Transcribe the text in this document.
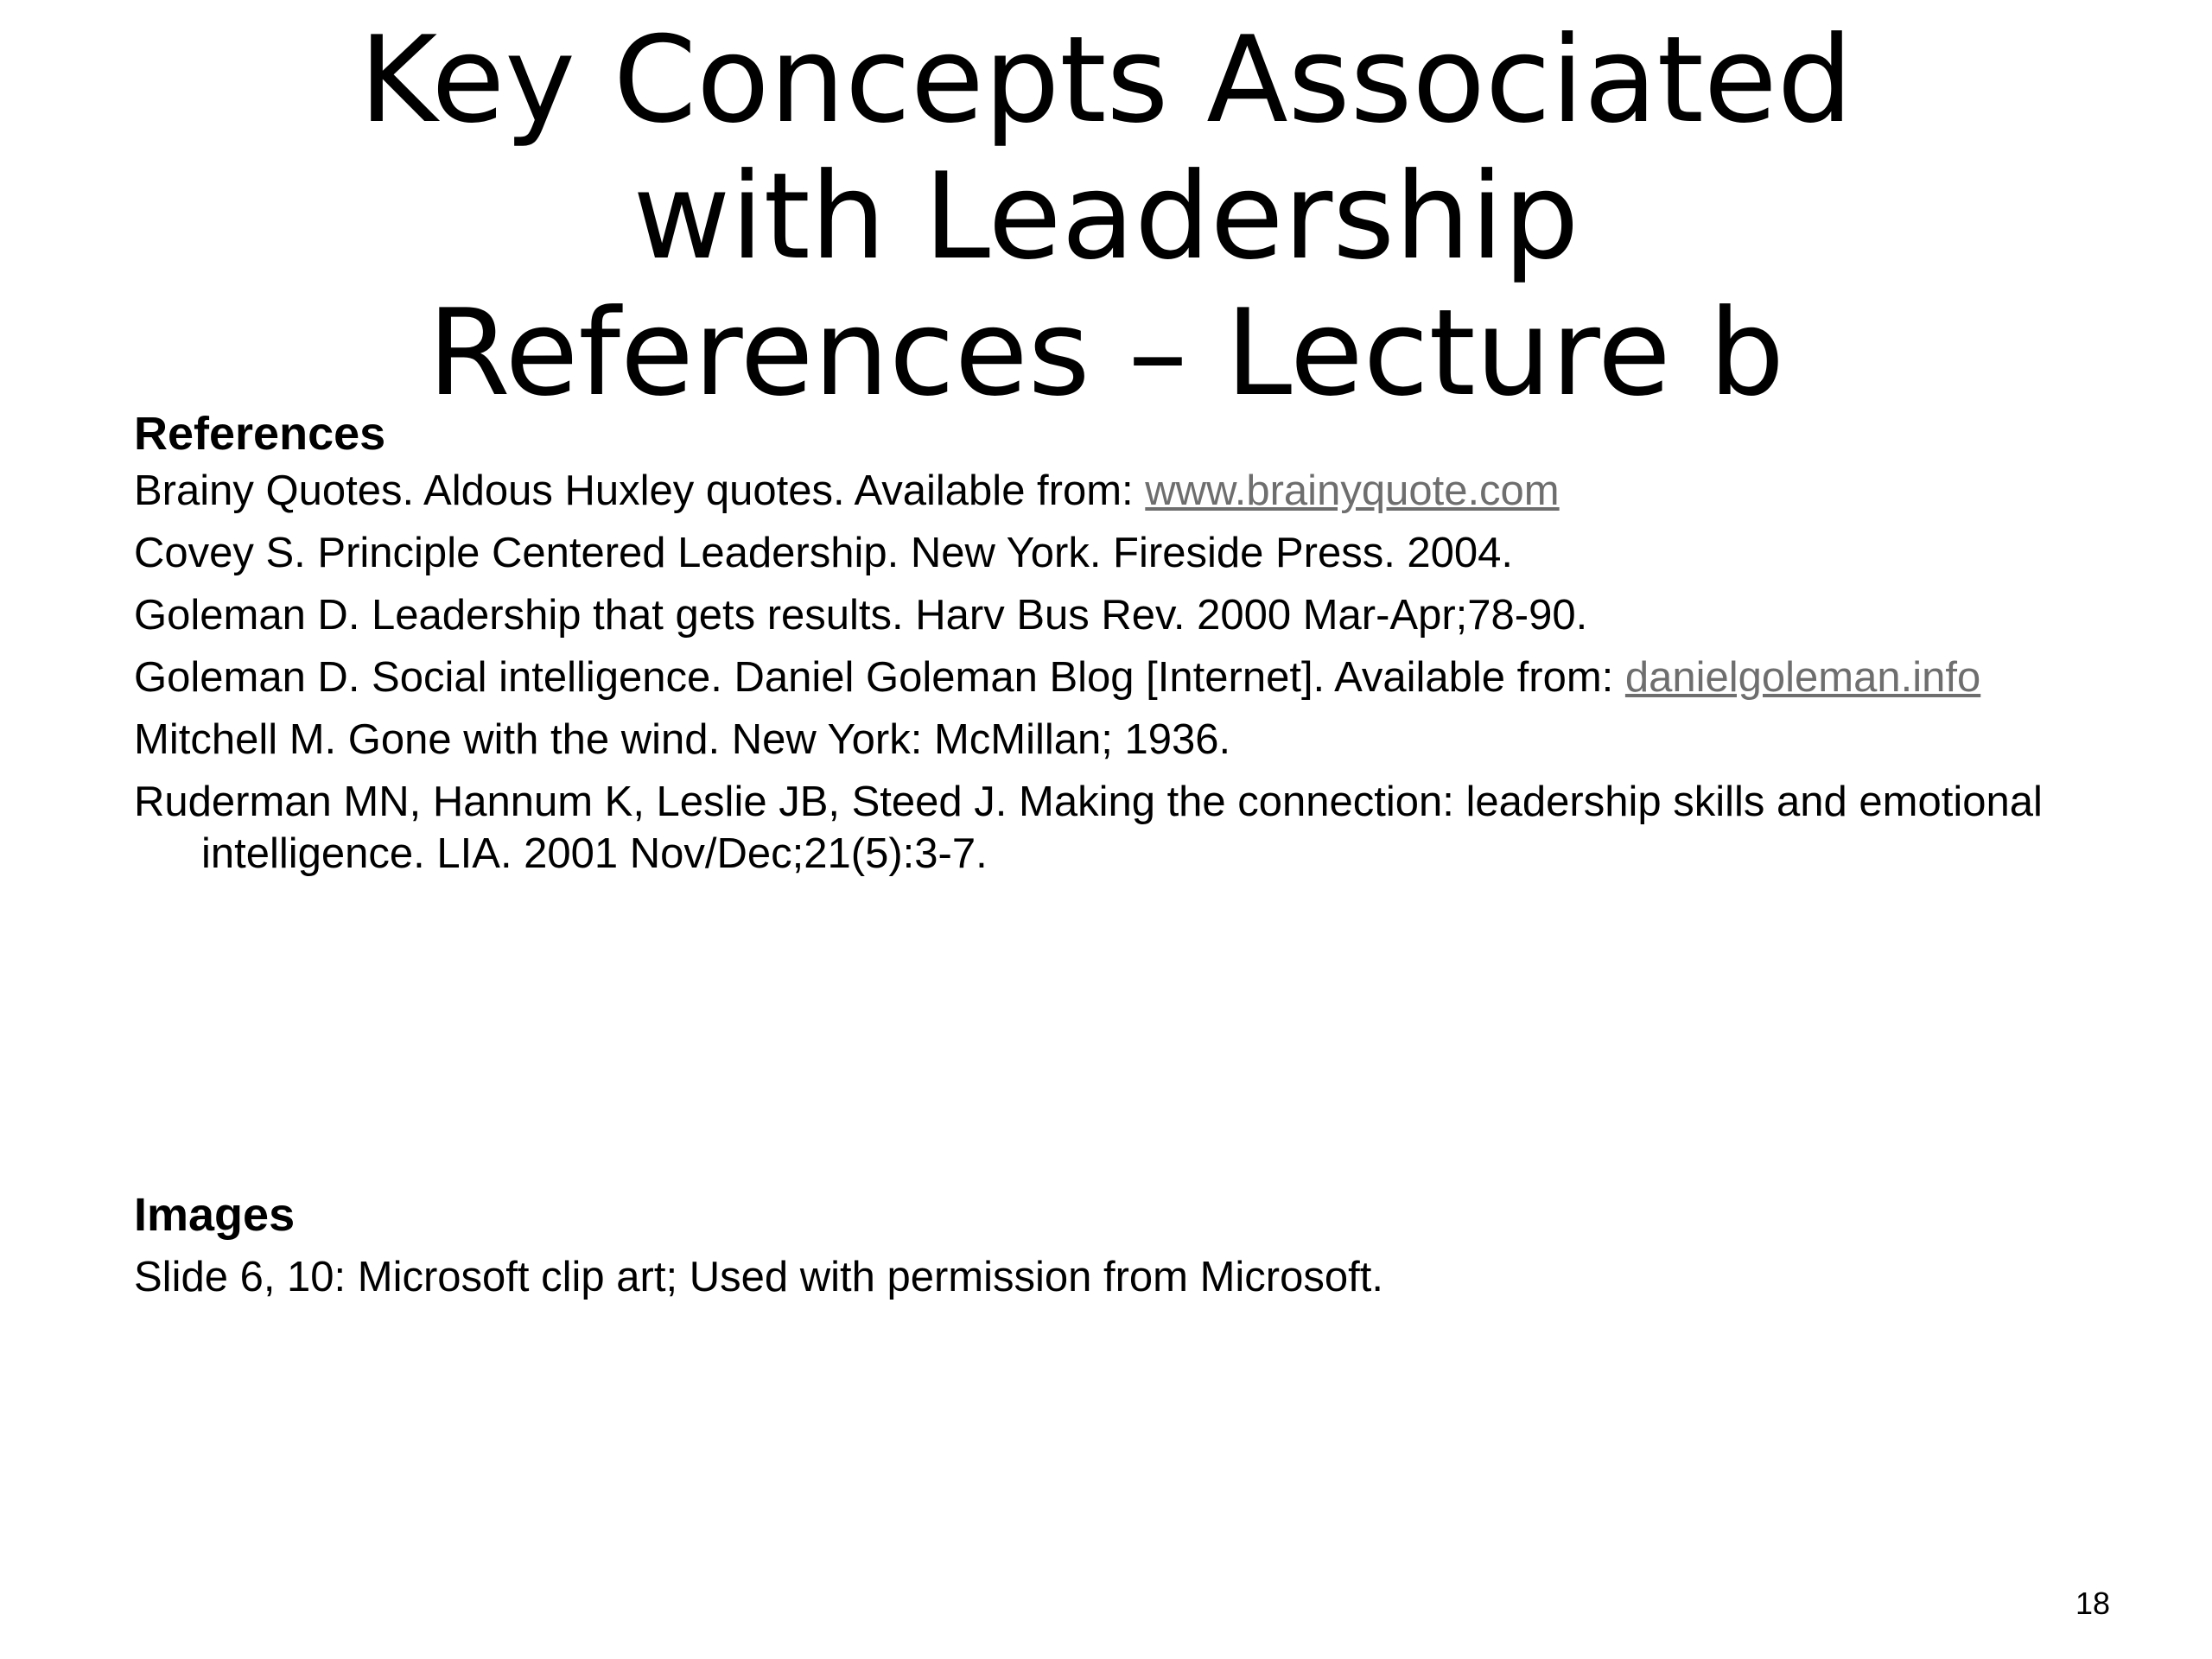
Key Concepts Associated
with Leadership
References – Lecture b
References
Brainy Quotes. Aldous Huxley quotes. Available from: www.brainyquote.com
Covey S. Principle Centered Leadership. New York. Fireside Press. 2004.
Goleman D. Leadership that gets results. Harv Bus Rev. 2000 Mar-Apr;78-90.
Goleman D. Social intelligence. Daniel Goleman Blog [Internet]. Available from: danielgoleman.info
Mitchell M. Gone with the wind. New York: McMillan; 1936.
Ruderman MN, Hannum K, Leslie JB, Steed J. Making the connection: leadership skills and emotional intelligence. LIA. 2001 Nov/Dec;21(5):3-7.
Images
Slide 6, 10: Microsoft clip art; Used with permission from Microsoft.
18
